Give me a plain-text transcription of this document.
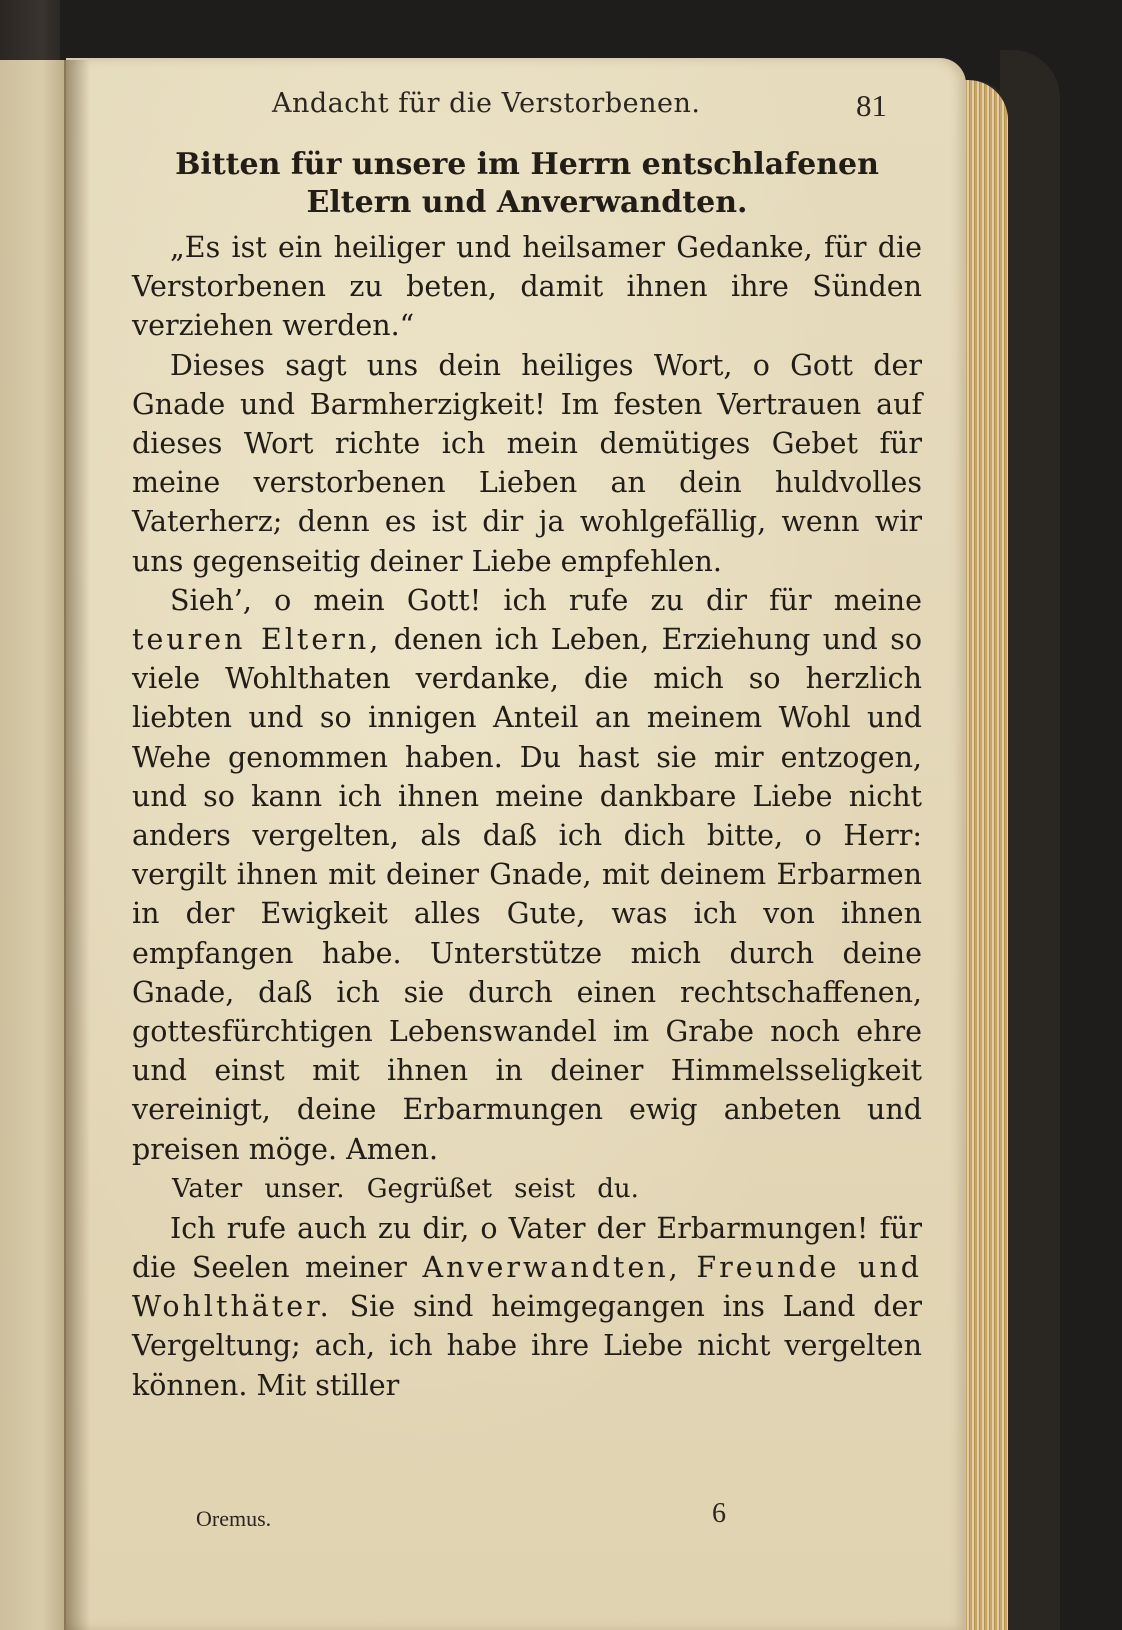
Andacht für die Verstorbenen.	81
Bitten für unsere im Herrn entschlafenen
Eltern und Anverwandten.

„Es ist ein heiliger und heilsamer Gedanke, für die Verstorbenen zu beten, damit ihnen ihre Sünden verziehen werden.“

Dieses sagt uns dein heiliges Wort, o Gott der Gnade und Barmherzigkeit! Im festen Vertrauen auf dieses Wort richte ich mein demütiges Gebet für meine verstorbenen Lieben an dein huldvolles Vaterherz; denn es ist dir ja wohlgefällig, wenn wir uns gegenseitig deiner Liebe empfehlen.

Sieh’, o mein Gott! ich rufe zu dir für meine teuren Eltern, denen ich Leben, Erziehung und so viele Wohlthaten verdanke, die mich so herzlich liebten und so innigen Anteil an meinem Wohl und Wehe genommen haben. Du hast sie mir entzogen, und so kann ich ihnen meine dankbare Liebe nicht anders vergelten, als daß ich dich bitte, o Herr: vergilt ihnen mit deiner Gnade, mit deinem Erbarmen in der Ewigkeit alles Gute, was ich von ihnen empfangen habe. Unterstütze mich durch deine Gnade, daß ich sie durch einen rechtschaffenen, gottesfürchtigen Lebenswandel im Grabe noch ehre und einst mit ihnen in deiner Himmelsseligkeit vereinigt, deine Erbarmungen ewig anbeten und preisen möge. Amen.

Vater unser. Gegrüßet seist du.

Ich rufe auch zu dir, o Vater der Erbarmungen! für die Seelen meiner Anverwandten, Freunde und Wohlthäter. Sie sind heimgegangen ins Land der Vergeltung; ach, ich habe ihre Liebe nicht vergelten können. Mit stiller

Oremus.	6
